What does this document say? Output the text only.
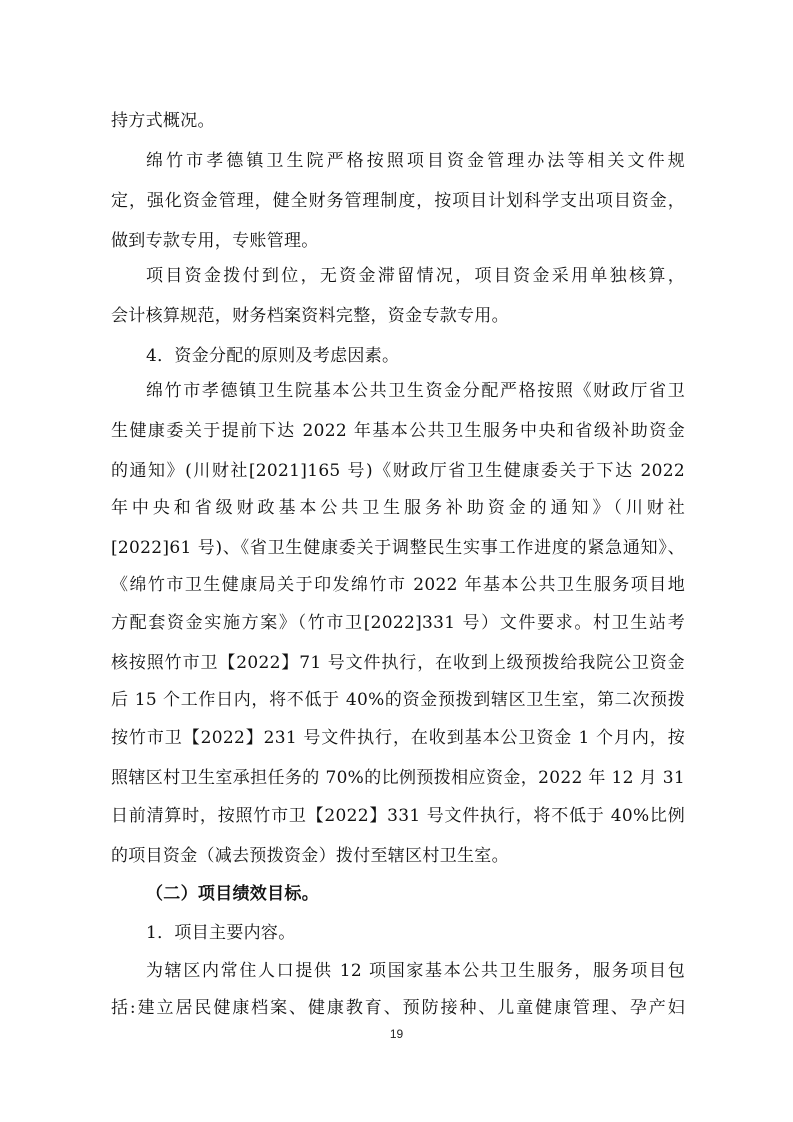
持方式概况。
绵竹市孝德镇卫生院严格按照项目资金管理办法等相关文件规
定，强化资金管理，健全财务管理制度，按项目计划科学支出项目资金，
做到专款专用，专账管理。
项目资金拨付到位，无资金滞留情况，项目资金采用单独核算，
会计核算规范，财务档案资料完整，资金专款专用。
4．资金分配的原则及考虑因素。
绵竹市孝德镇卫生院基本公共卫生资金分配严格按照《财政厅省卫
生健康委关于提前下达 2022 年基本公共卫生服务中央和省级补助资金
的通知》(川财社[2021]165 号)《财政厅省卫生健康委关于下达 2022
年中央和省级财政基本公共卫生服务补助资金的通知》（川财社
[2022]61 号)、《省卫生健康委关于调整民生实事工作进度的紧急通知》、
《绵竹市卫生健康局关于印发绵竹市 2022 年基本公共卫生服务项目地
方配套资金实施方案》（竹市卫[2022]331 号）文件要求。村卫生站考
核按照竹市卫【2022】71 号文件执行，在收到上级预拨给我院公卫资金
后 15 个工作日内，将不低于 40%的资金预拨到辖区卫生室，第二次预拨
按竹市卫【2022】231 号文件执行，在收到基本公卫资金 1 个月内，按
照辖区村卫生室承担任务的 70%的比例预拨相应资金，2022 年 12 月 31
日前清算时，按照竹市卫【2022】331 号文件执行，将不低于 40%比例
的项目资金（减去预拨资金）拨付至辖区村卫生室。
（二）项目绩效目标。
1．项目主要内容。
为辖区内常住人口提供 12 项国家基本公共卫生服务，服务项目包
括:建立居民健康档案、健康教育、预防接种、儿童健康管理、孕产妇
19
